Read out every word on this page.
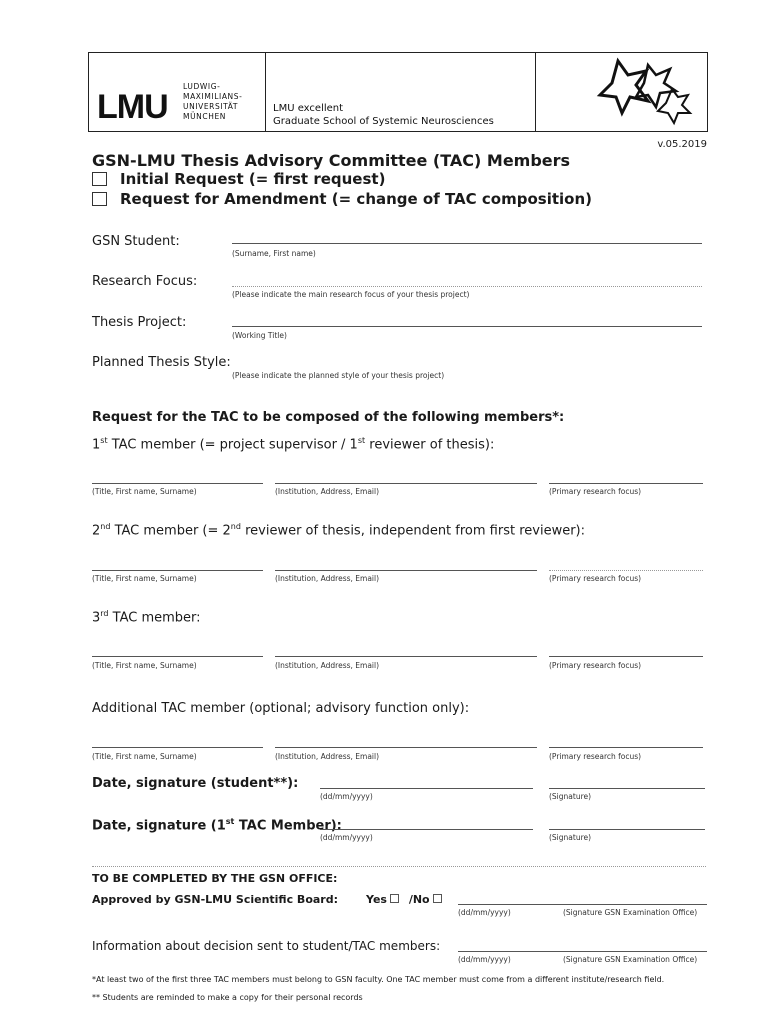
LMU
LUDWIG-
MAXIMILIANS-
UNIVERSITÄT
MÜNCHEN
LMU excellent
Graduate School of Systemic Neurosciences
v.05.2019
GSN-LMU Thesis Advisory Committee (TAC) Members
Initial Request (= first request)
Request for Amendment (= change of TAC composition)
GSN Student:
(Surname, First name)
Research Focus:
(Please indicate the main research focus of your thesis project)
Thesis Project:
(Working Title)
Planned Thesis Style:
(Please indicate the planned style of your thesis project)
Request for the TAC to be composed of the following members*:
1st TAC member (= project supervisor / 1st reviewer of thesis):
(Title, First name, Surname)	(Institution, Address, Email)	(Primary research focus)
2nd TAC member (= 2nd reviewer of thesis, independent from first reviewer):
(Title, First name, Surname)	(Institution, Address, Email)	(Primary research focus)
3rd TAC member:
(Title, First name, Surname)	(Institution, Address, Email)	(Primary research focus)
Additional TAC member (optional; advisory function only):
(Title, First name, Surname)	(Institution, Address, Email)	(Primary research focus)
Date, signature (student**):
(dd/mm/yyyy)	(Signature)
Date, signature (1st TAC Member):
(dd/mm/yyyy)	(Signature)
TO BE COMPLETED BY THE GSN OFFICE:
Approved by GSN-LMU Scientific Board:	Yes /No
(dd/mm/yyyy)	(Signature GSN Examination Office)
Information about decision sent to student/TAC members:
(dd/mm/yyyy)	(Signature GSN Examination Office)
*At least two of the first three TAC members must belong to GSN faculty. One TAC member must come from a different institute/research field.
** Students are reminded to make a copy for their personal records
